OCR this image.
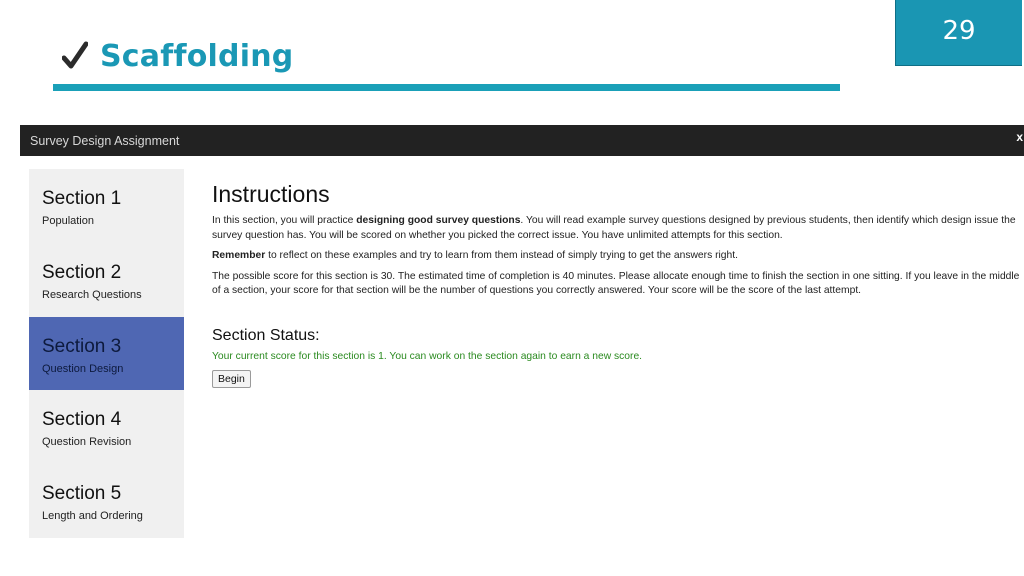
Scaffolding
29
Survey Design Assignment	x
Section 1
Population
Section 2
Research Questions
Section 3
Question Design
Section 4
Question Revision
Section 5
Length and Ordering
Instructions

In this section, you will practice designing good survey questions. You will read example survey questions designed by previous students, then identify which design issue the survey question has. You will be scored on whether you picked the correct issue. You have unlimited attempts for this section.

Remember to reflect on these examples and try to learn from them instead of simply trying to get the answers right.

The possible score for this section is 30. The estimated time of completion is 40 minutes. Please allocate enough time to finish the section in one sitting. If you leave in the middle of a section, your score for that section will be the number of questions you correctly answered. Your score will be the score of the last attempt.

Section Status:
Your current score for this section is 1. You can work on the section again to earn a new score.
Begin
